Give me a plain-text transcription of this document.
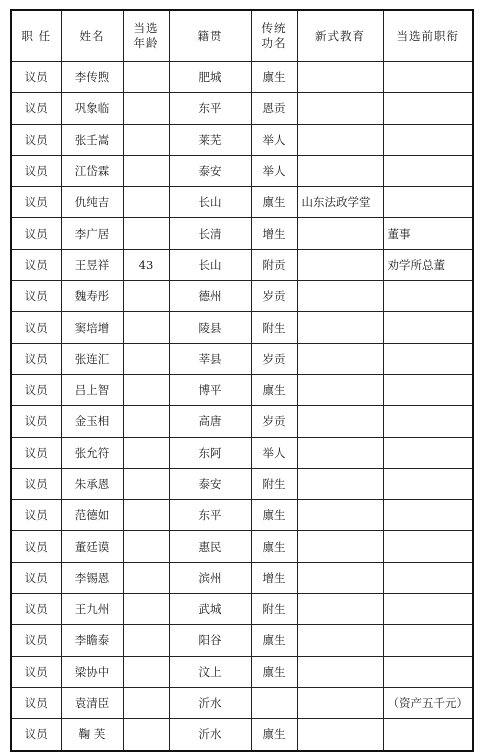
职 任	姓名	当选年龄	籍贯	传统功名	新式教育	当选前职衔
议员	李传煦		肥城	廪生		
议员	巩象临		东平	恩贡		
议员	张壬嵩		莱芜	举人		
议员	江岱霖		泰安	举人		
议员	仇纯吉		长山	廪生	山东法政学堂	
议员	李广居		长清	增生		董事
议员	王昱祥	43	长山	附贡		劝学所总董
议员	魏寿彤		德州	岁贡		
议员	窦培增		陵县	附生		
议员	张连汇		莘县	岁贡		
议员	吕上智		博平	廪生		
议员	金玉相		高唐	岁贡		
议员	张允符		东阿	举人		
议员	朱承恩		泰安	附生		
议员	范德如		东平	廪生		
议员	董廷谟		惠民	廪生		
议员	李锡恩		滨州	增生		
议员	王九州		武城	附生		
议员	李瞻泰		阳谷	廪生		
议员	梁协中		汶上	廪生		
议员	袁清臣		沂水			（资产五千元）
议员	鞠 芙		沂水	廪生		
